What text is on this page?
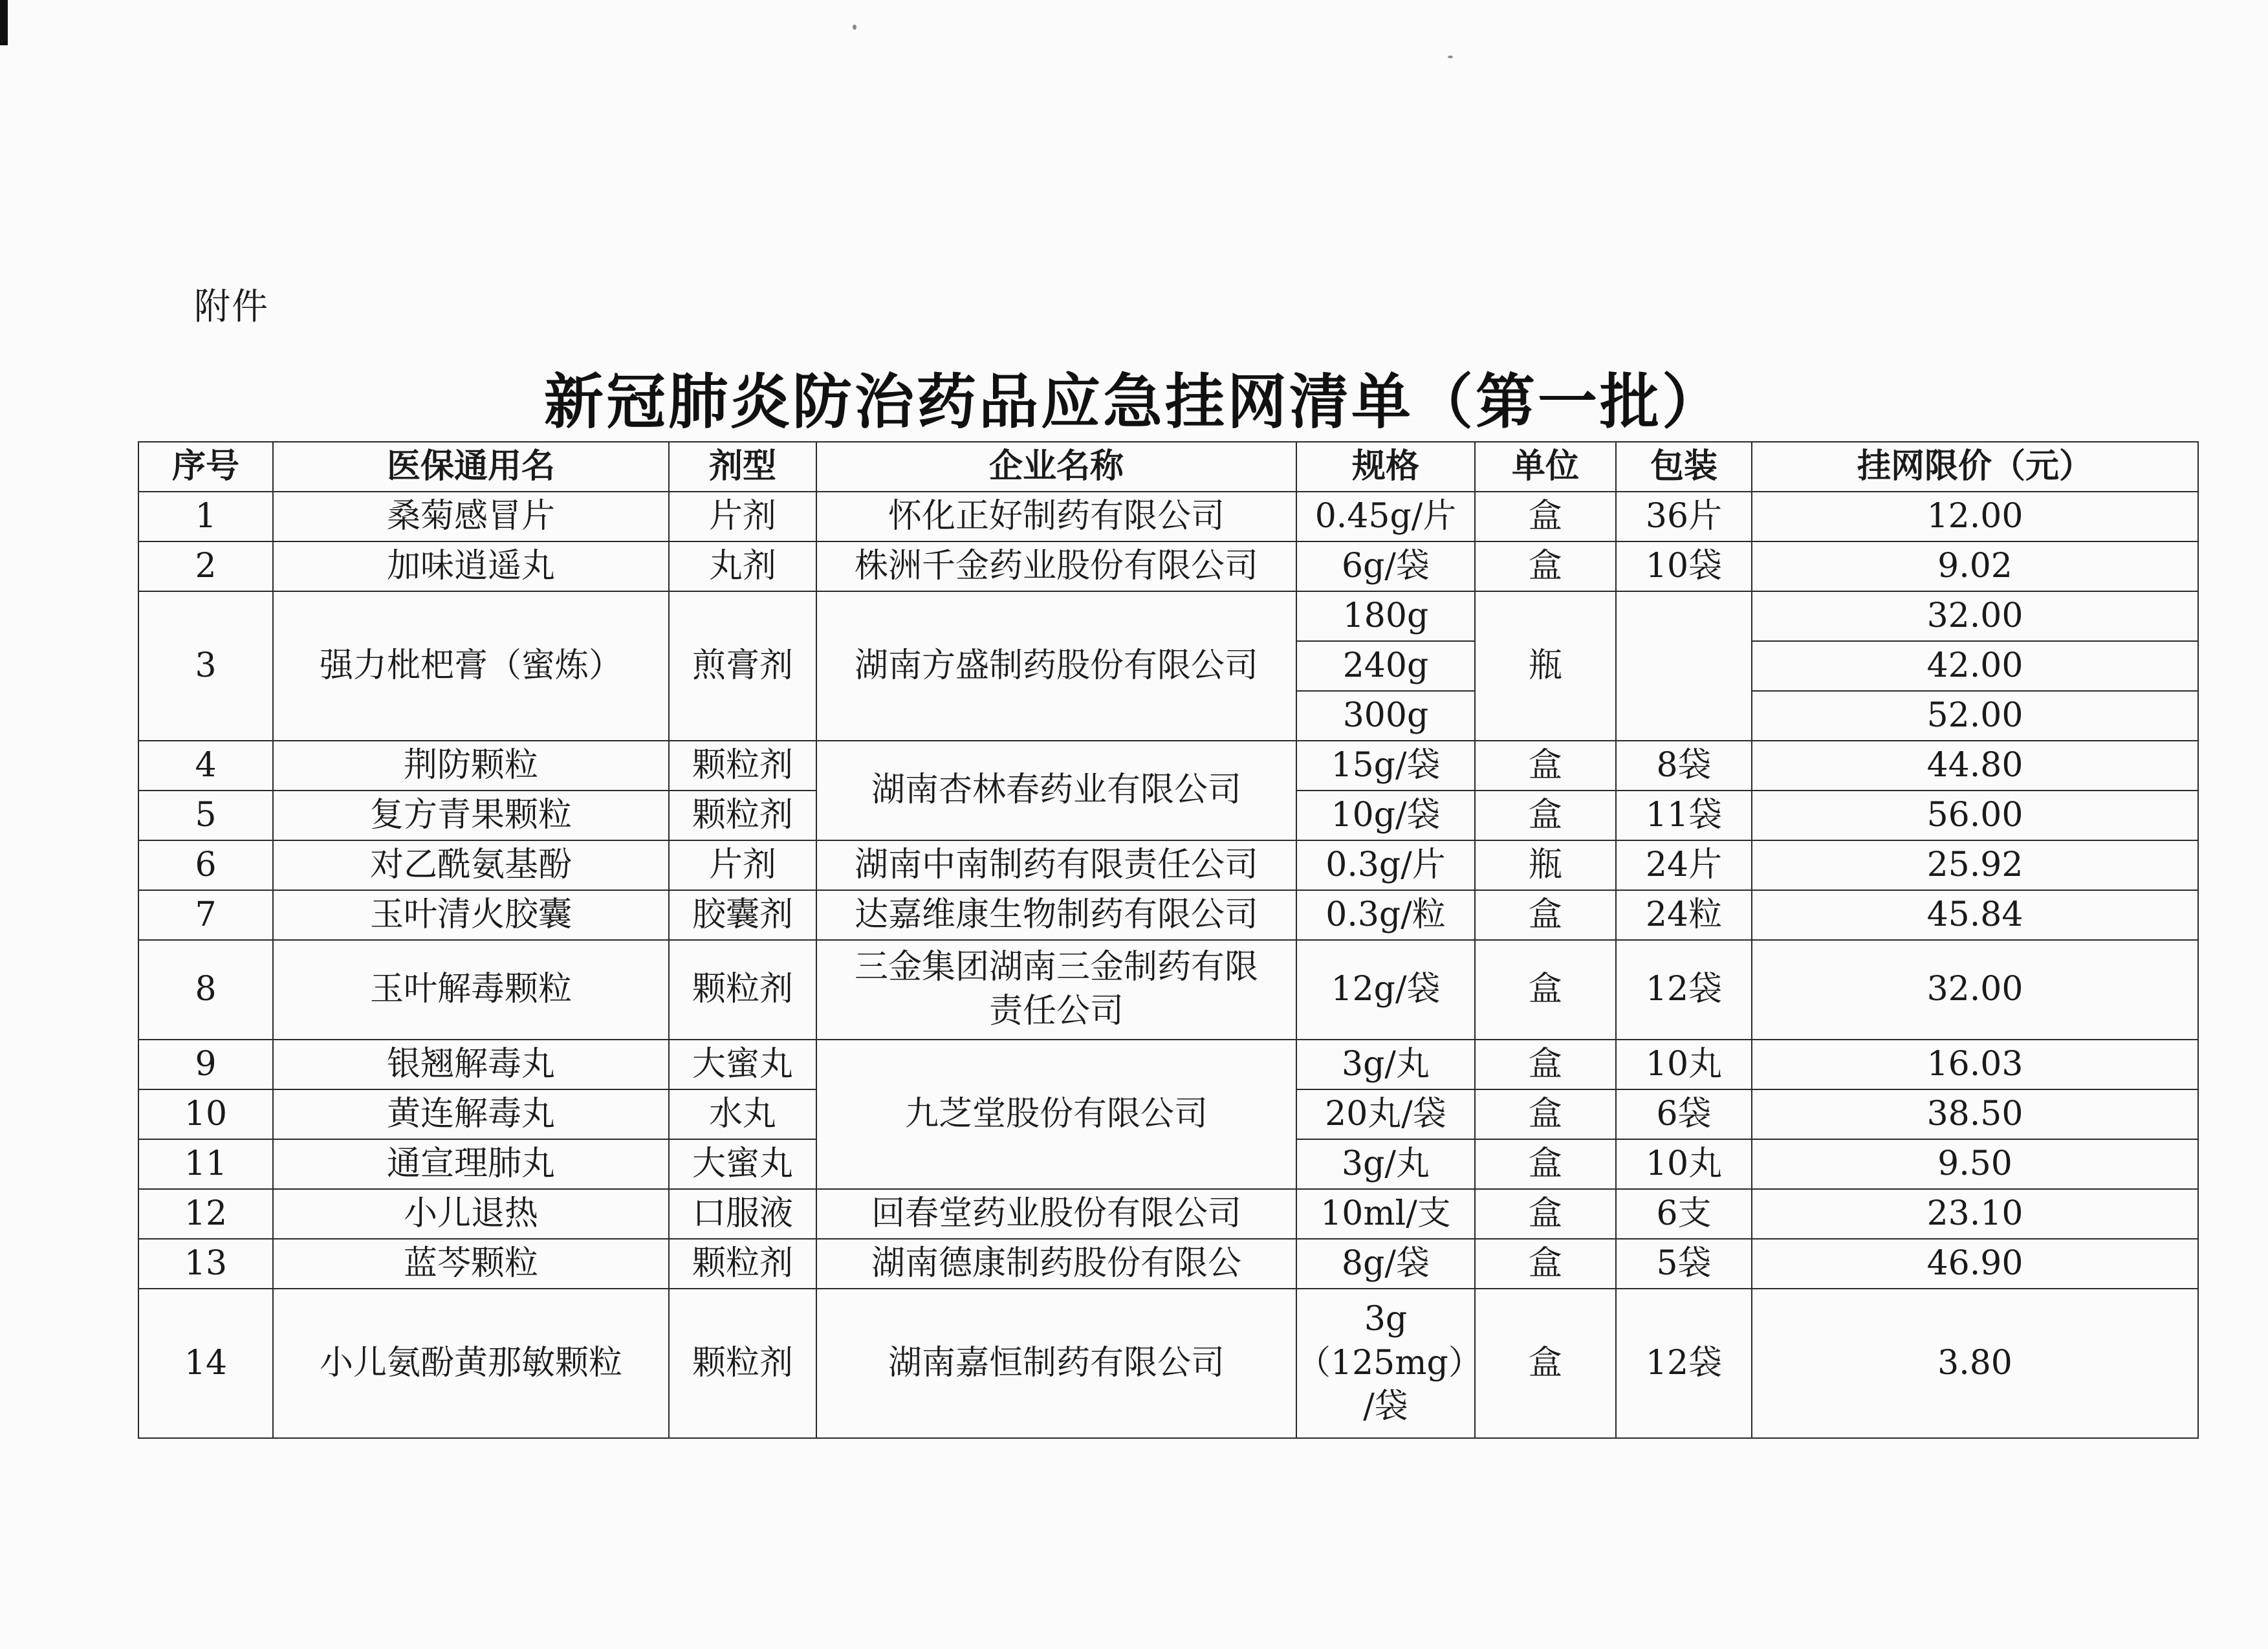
附件
新冠肺炎防治药品应急挂网清单（第一批）
序号	医保通用名	剂型	企业名称	规格	单位	包装	挂网限价（元）
1	桑菊感冒片	片剂	怀化正好制药有限公司	0.45g/片	盒	36片	12.00
2	加味逍遥丸	丸剂	株洲千金药业股份有限公司	6g/袋	盒	10袋	9.02
3	强力枇杷膏（蜜炼）	煎膏剂	湖南方盛制药股份有限公司	180g	瓶		32.00
				240g			42.00
				300g			52.00
4	荆防颗粒	颗粒剂	湖南杏林春药业有限公司	15g/袋	盒	8袋	44.80
5	复方青果颗粒	颗粒剂		10g/袋	盒	11袋	56.00
6	对乙酰氨基酚	片剂	湖南中南制药有限责任公司	0.3g/片	瓶	24片	25.92
7	玉叶清火胶囊	胶囊剂	达嘉维康生物制药有限公司	0.3g/粒	盒	24粒	45.84
8	玉叶解毒颗粒	颗粒剂	三金集团湖南三金制药有限
责任公司	12g/袋	盒	12袋	32.00
9	银翘解毒丸	大蜜丸	九芝堂股份有限公司	3g/丸	盒	10丸	16.03
10	黄连解毒丸	水丸		20丸/袋	盒	6袋	38.50
11	通宣理肺丸	大蜜丸		3g/丸	盒	10丸	9.50
12	小儿退热	口服液	回春堂药业股份有限公司	10ml/支	盒	6支	23.10
13	蓝芩颗粒	颗粒剂	湖南德康制药股份有限公	8g/袋	盒	5袋	46.90
14	小儿氨酚黄那敏颗粒	颗粒剂	湖南嘉恒制药有限公司	3g
（125mg）
/袋	盒	12袋	3.80
